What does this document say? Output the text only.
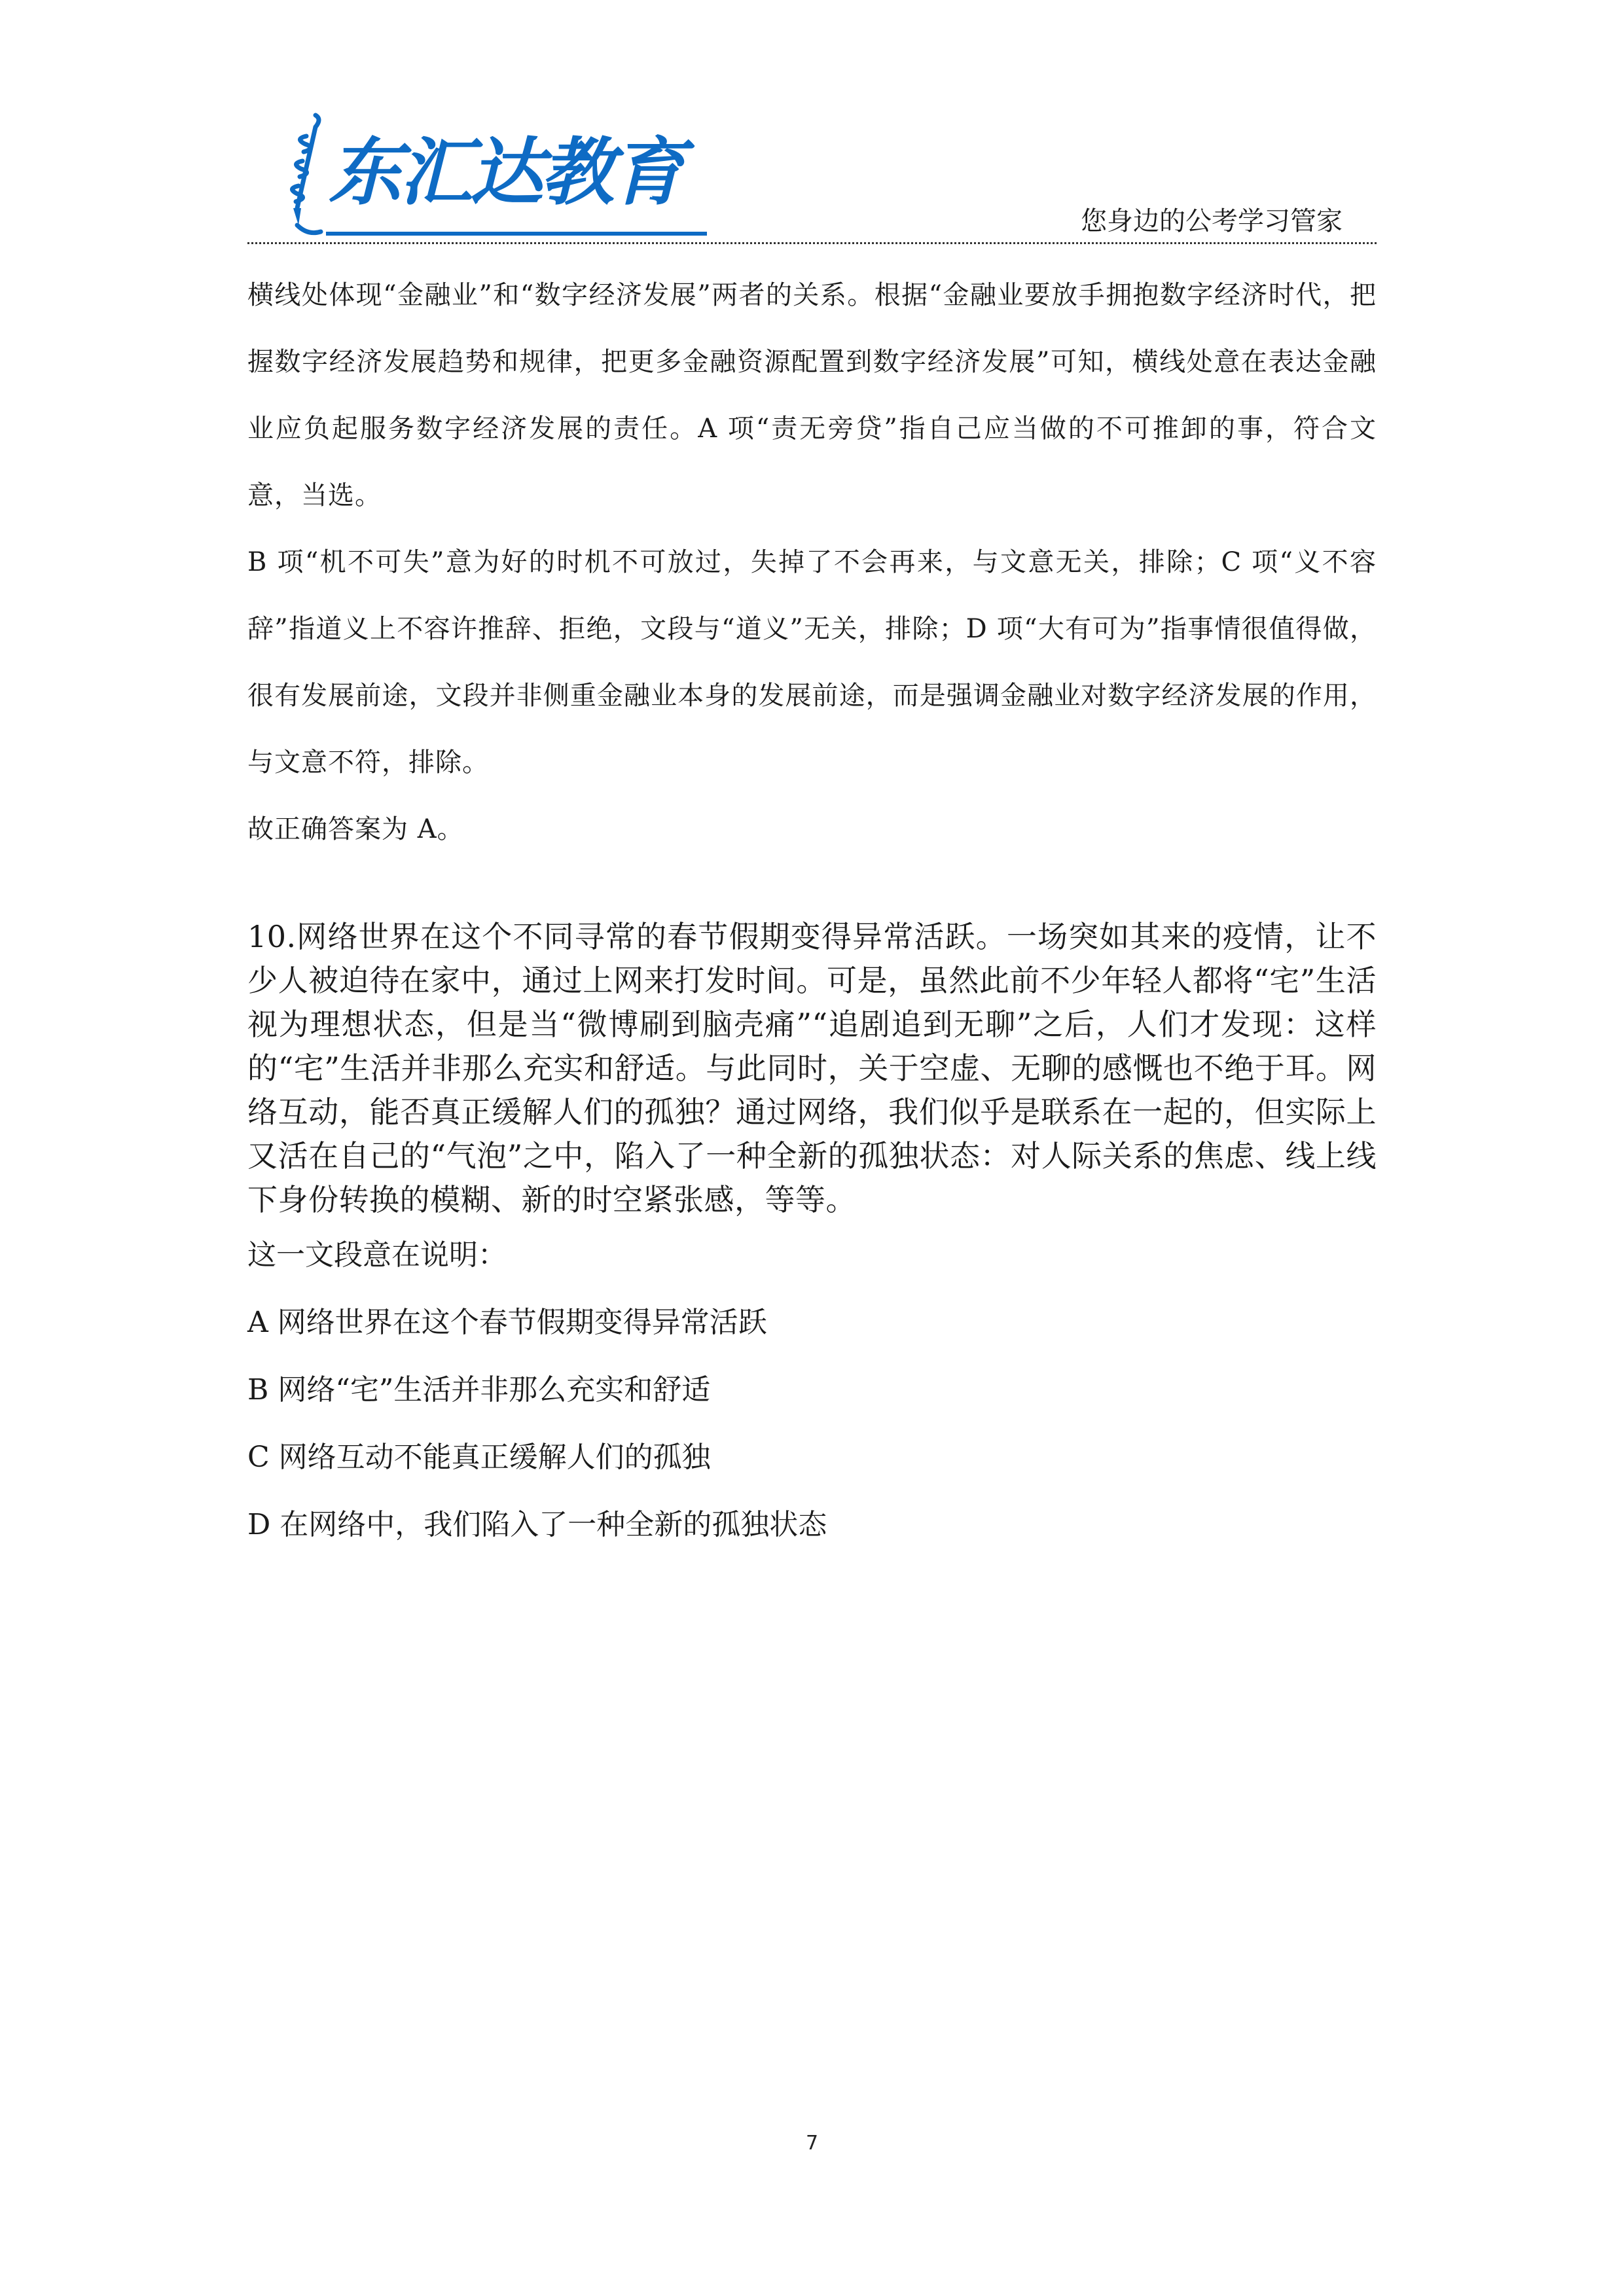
东汇达教育
您身边的公考学习管家

横线处体现“金融业”和“数字经济发展”两者的关系。根据“金融业要放手拥抱数字经济时代，把握数字经济发展趋势和规律，把更多金融资源配置到数字经济发展”可知，横线处意在表达金融业应负起服务数字经济发展的责任。A 项“责无旁贷”指自己应当做的不可推卸的事，符合文意，当选。

B 项“机不可失”意为好的时机不可放过，失掉了不会再来，与文意无关，排除；C 项“义不容辞”指道义上不容许推辞、拒绝，文段与“道义”无关，排除；D 项“大有可为”指事情很值得做，很有发展前途，文段并非侧重金融业本身的发展前途，而是强调金融业对数字经济发展的作用，与文意不符，排除。

故正确答案为 A。

10.网络世界在这个不同寻常的春节假期变得异常活跃。一场突如其来的疫情，让不少人被迫待在家中，通过上网来打发时间。可是，虽然此前不少年轻人都将“宅”生活视为理想状态，但是当“微博刷到脑壳痛”“追剧追到无聊”之后，人们才发现：这样的“宅”生活并非那么充实和舒适。与此同时，关于空虚、无聊的感慨也不绝于耳。网络互动，能否真正缓解人们的孤独？通过网络，我们似乎是联系在一起的，但实际上又活在自己的“气泡”之中，陷入了一种全新的孤独状态：对人际关系的焦虑、线上线下身份转换的模糊、新的时空紧张感，等等。

这一文段意在说明：

A 网络世界在这个春节假期变得异常活跃

B 网络“宅”生活并非那么充实和舒适

C 网络互动不能真正缓解人们的孤独

D 在网络中，我们陷入了一种全新的孤独状态

7
